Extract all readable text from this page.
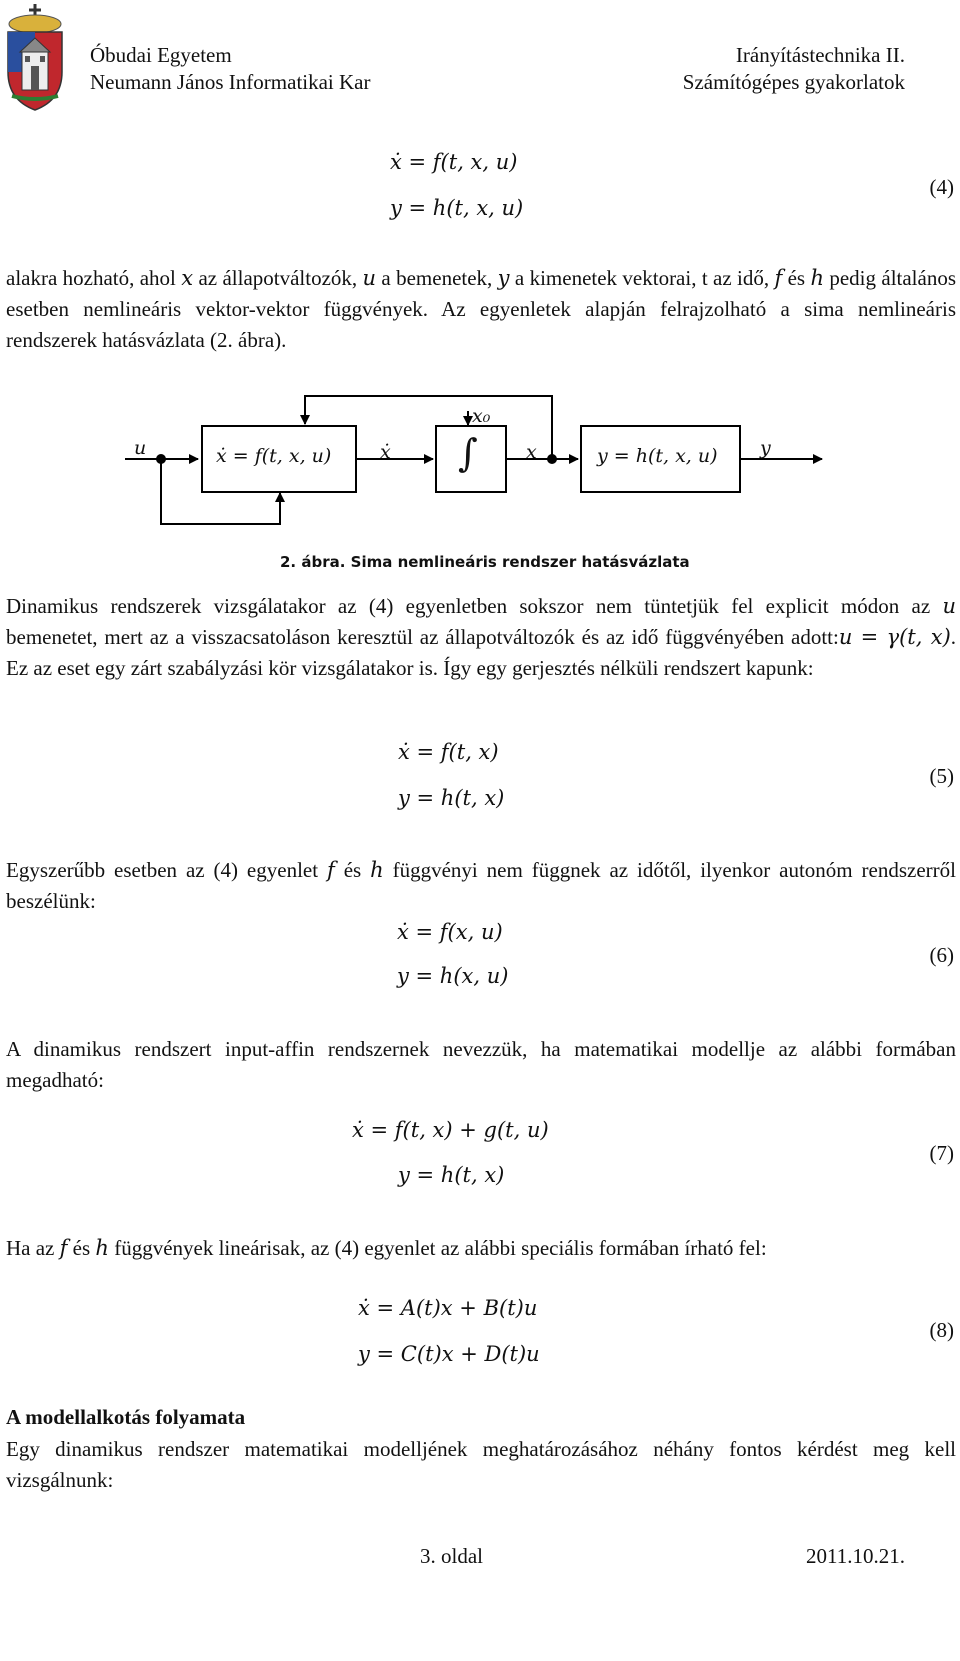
Óbudai Egyetem
Neumann János Informatikai Kar
Irányítástechnika II.
Számítógépes gyakorlatok
ẋ = f(t, x, u)
y = h(t, x, u)
(4)
alakra hozható, ahol x az állapotváltozók, u a bemenetek, y a kimenetek vektorai, t az idő, f és h pedig általános esetben nemlineáris vektor-vektor függvények. Az egyenletek alapján felrajzolható a sima nemlineáris rendszerek hatásvázlata (2. ábra).
u	ẋ = f(t, x, u)	ẋ ∫
x₀
x	y = h(t, x, u) y
2. ábra. Sima nemlineáris rendszer hatásvázlata
Dinamikus rendszerek vizsgálatakor az (4) egyenletben sokszor nem tüntetjük fel explicit módon az u bemenetet, mert az a visszacsatoláson keresztül az állapotváltozók és az idő függvényében adott:u = γ(t, x). Ez az eset egy zárt szabályzási kör vizsgálatakor is. Így egy gerjesztés nélküli rendszert kapunk:
ẋ = f(t, x)
y = h(t, x)
(5)
Egyszerűbb esetben az (4) egyenlet f és h függvényi nem függnek az időtől, ilyenkor autonóm rendszerről beszélünk:
ẋ = f(x, u)
y = h(x, u)
(6)
A dinamikus rendszert input-affin rendszernek nevezzük, ha matematikai modellje az alábbi formában megadható:
ẋ = f(t, x) + g(t, u)
y = h(t, x)
(7)
Ha az f és h függvények lineárisak, az (4) egyenlet az alábbi speciális formában írható fel:
ẋ = A(t)x + B(t)u
y = C(t)x + D(t)u
(8)
A modellalkotás folyamata
Egy dinamikus rendszer matematikai modelljének meghatározásához néhány fontos kérdést meg kell vizsgálnunk:
3. oldal	2011.10.21.
